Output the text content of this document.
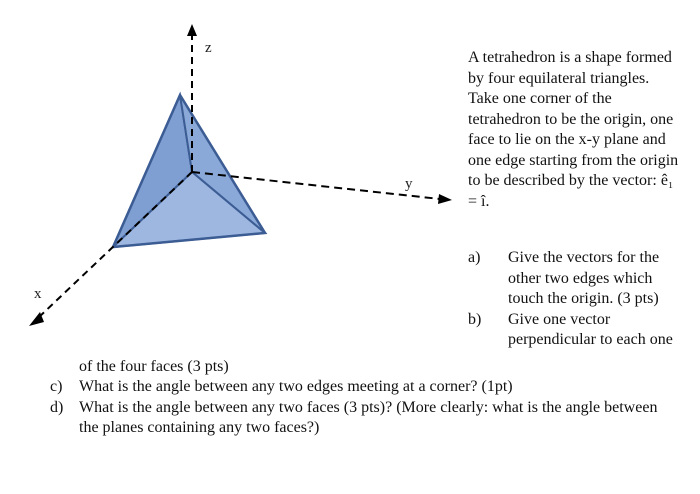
z
y
x

A tetrahedron is a shape formed by four equilateral triangles. Take one corner of the tetrahedron to be the origin, one face to lie on the x-y plane and one edge starting from the origin to be described by the vector: ê₁ = î.

a)	Give the vectors for the other two edges which touch the origin. (3 pts)
b)	Give one vector perpendicular to each one
of the four faces (3 pts)
c)	What is the angle between any two edges meeting at a corner? (1pt)
d) What is the angle between any two faces (3 pts)? (More clearly: what is the angle between the planes containing any two faces?)
